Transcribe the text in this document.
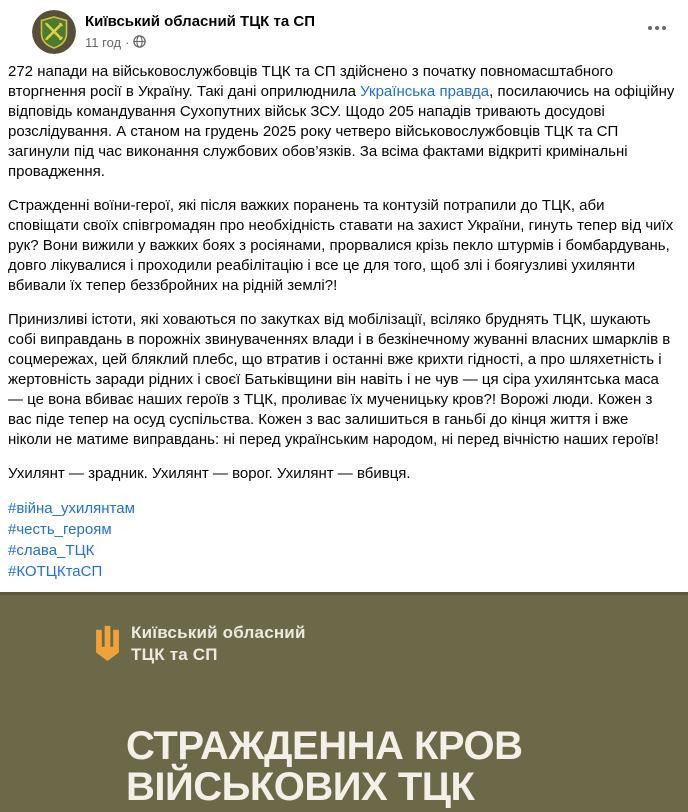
Київський обласний ТЦК та СП
11 год ·

272 напади на військовослужбовців ТЦК та СП здійснено з початку повномасштабного вторгнення росії в Україну. Такі дані оприлюднила Українська правда, посилаючись на офіційну відповідь командування Сухопутних військ ЗСУ. Щодо 205 нападів тривають досудові розслідування. А станом на грудень 2025 року четверо військовослужбовців ТЦК та СП загинули під час виконання службових обов’язків. За всіма фактами відкриті кримінальні провадження.

Стражденні воїни-герої, які після важких поранень та контузій потрапили до ТЦК, аби сповіщати своїх співгромадян про необхідність ставати на захист України, гинуть тепер від чиїх рук? Вони вижили у важких боях з росіянами, прорвалися крізь пекло штурмів і бомбардувань, довго лікувалися і проходили реабілітацію і все це для того, щоб злі і боягузливі ухилянти вбивали їх тепер беззбройних на рідній землі?!

Принизливі істоти, які ховаються по закутках від мобілізації, всіляко бруднять ТЦК, шукають собі виправдань в порожніх звинуваченнях влади і в безкінечному жуванні власних шмарклів в соцмережах, цей бляклий плебс, що втратив і останні вже крихти гідності, а про шляхетність і жертовність заради рідних і своєї Батьківщини він навіть і не чув — ця сіра ухилянтська маса — це вона вбиває наших героїв з ТЦК, проливає їх мученицьку кров?! Ворожі люди. Кожен з вас піде тепер на осуд суспільства. Кожен з вас залишиться в ганьбі до кінця життя і вже ніколи не матиме виправдань: ні перед українським народом, ні перед вічністю наших героїв!

Ухилянт — зрадник. Ухилянт — ворог. Ухилянт — вбивця.

#війна_ухилянтам
#честь_героям
#слава_ТЦК
#КОТЦКтаСП
Київський обласний
ТЦК та СП
СТРАЖДЕННА КРОВ
ВІЙСЬКОВИХ ТЦК
